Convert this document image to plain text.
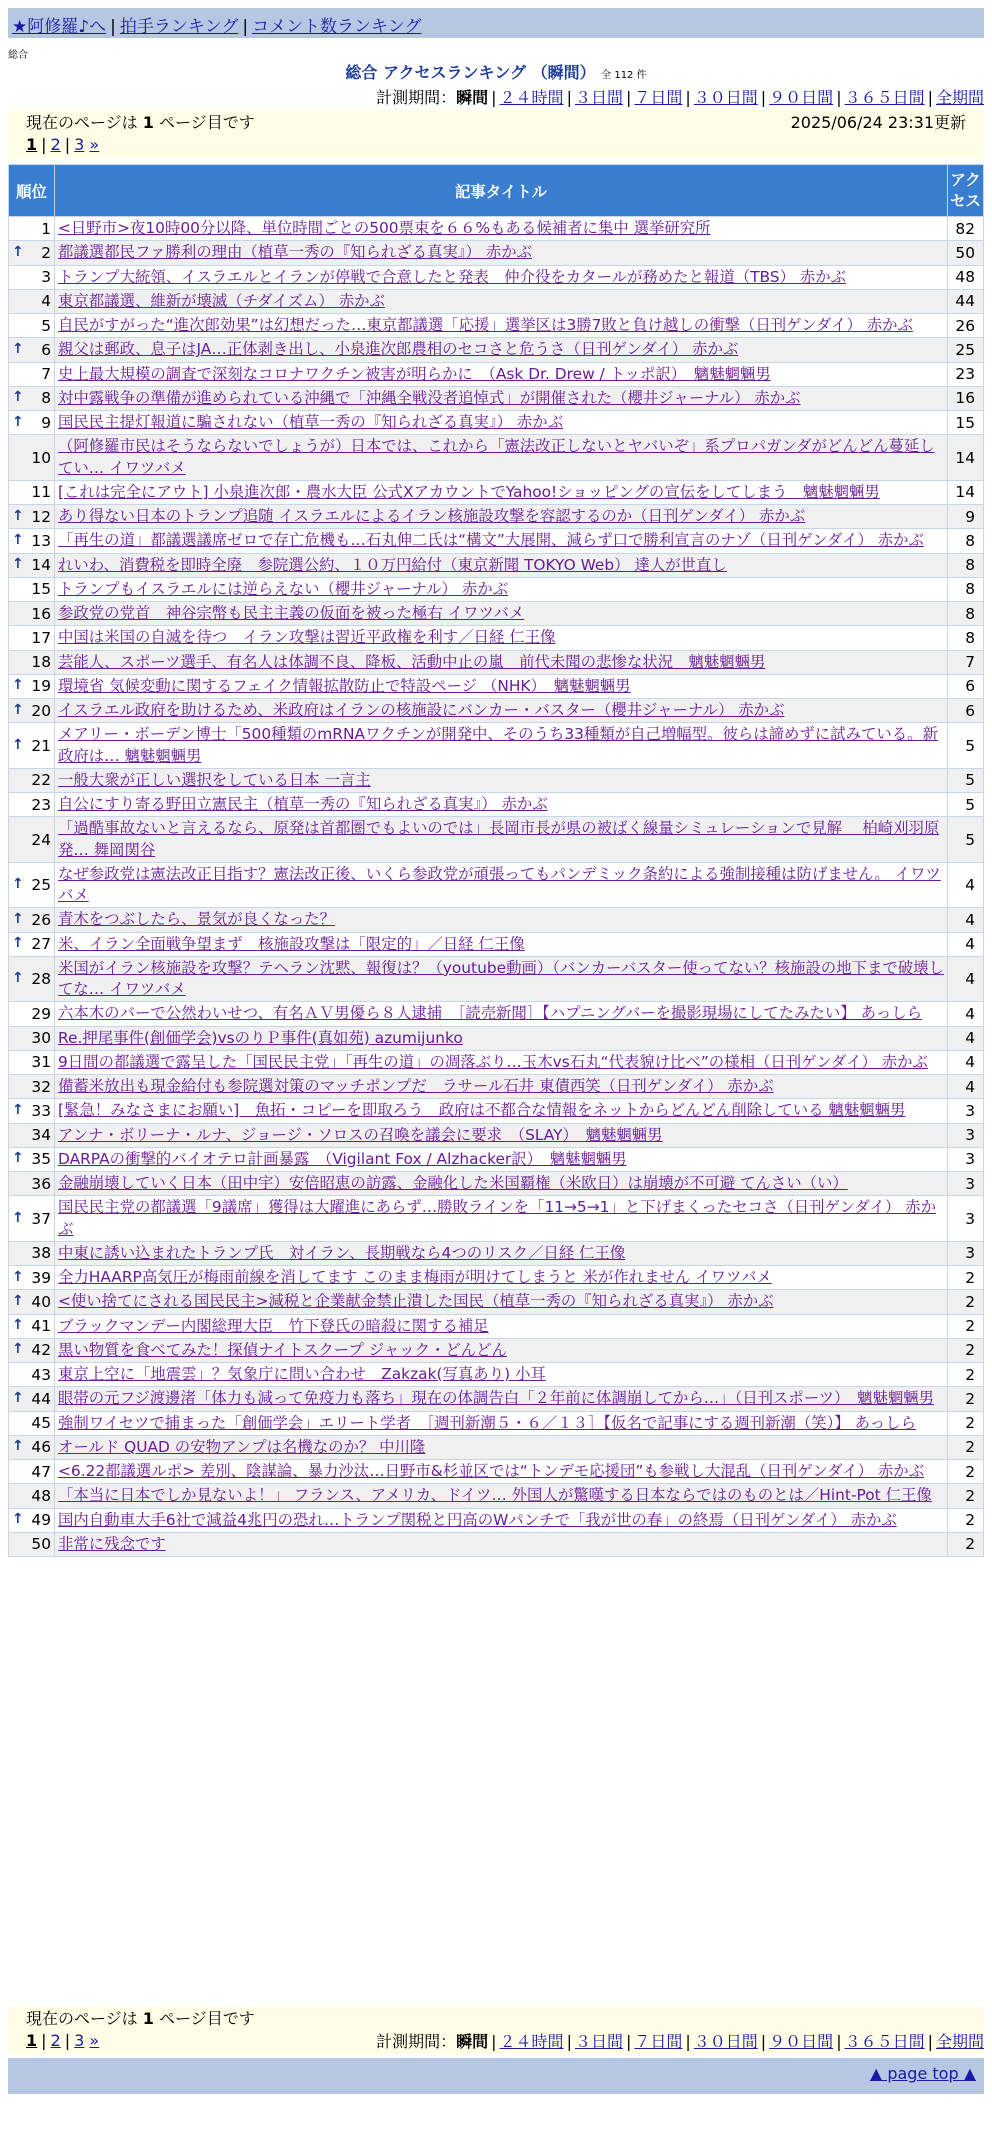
★阿修羅♪へ | 拍手ランキング | コメント数ランキング
総合
総合 アクセスランキング （瞬間） 全 112 件
計測期間：瞬間 | ２４時間 | ３日間 | ７日間 | ３０日間 | ９０日間 | ３６５日間 | 全期間
現在のページは 1 ページ目です	2025/06/24 23:31更新
1 | 2 | 3 »
順位	記事タイトル	アクセス
1	<日野市>夜10時00分以降、単位時間ごとの500票束を６６%もある候補者に集中 選挙研究所	82

↑ 2	都議選都民ファ勝利の理由（植草一秀の『知られざる真実』） 赤かぶ	50
3	トランプ大統領、イスラエルとイランが停戦で合意したと発表　仲介役をカタールが務めたと報道（TBS） 赤かぶ	48
4	東京都議選、維新が壊滅（チダイズム） 赤かぶ	44
5	自民がすがった“進次郎効果”は幻想だった…東京都議選「応援」選挙区は3勝7敗と負け越しの衝撃（日刊ゲンダイ） 赤かぶ	26

↑ 6	親父は郵政、息子はJA…正体剥き出し、小泉進次郎農相のセコさと危うさ（日刊ゲンダイ） 赤かぶ	25
7	史上最大規模の調査で深刻なコロナワクチン被害が明らかに　（Ask Dr. Drew / トッポ訳）　魑魅魍魎男	23

↑ 8	対中露戦争の準備が進められている沖縄で「沖縄全戦没者追悼式」が開催された（櫻井ジャーナル） 赤かぶ	16

↑ 9	国民民主提灯報道に騙されない（植草一秀の『知られざる真実』） 赤かぶ	15
10	（阿修羅市民はそうならないでしょうが）日本では、これから「憲法改正しないとヤバいぞ」系プロパガンダがどんどん蔓延してい… イワツバメ	14
11	[これは完全にアウト] 小泉進次郎・農水大臣 公式XアカウントでYahoo!ショッピングの宣伝をしてしまう　魑魅魍魎男	14

↑ 12	あり得ない日本のトランプ追随 イスラエルによるイラン核施設攻撃を容認するのか（日刊ゲンダイ） 赤かぶ	9

↑ 13	「再生の道」都議選議席ゼロで存亡危機も…石丸伸二氏は“構文”大展開、減らず口で勝利宣言のナゾ（日刊ゲンダイ） 赤かぶ	8

↑ 14	れいわ、消費税を即時全廃　参院選公約、１０万円給付（東京新聞 TOKYO Web） 達人が世直し	8
15	トランプもイスラエルには逆らえない（櫻井ジャーナル） 赤かぶ	8
16	参政党の党首　神谷宗幣も民主主義の仮面を被った極右 イワツバメ	8
17	中国は米国の自滅を待つ　イラン攻撃は習近平政権を利す／日経 仁王像	8
18	芸能人、スポーツ選手、有名人は体調不良、降板、活動中止の嵐　前代未聞の悲惨な状況　魑魅魍魎男	7

↑ 19	環境省 気候変動に関するフェイク情報拡散防止で特設ページ （NHK）　魑魅魍魎男	6

↑ 20	イスラエル政府を助けるため、米政府はイランの核施設にバンカー・バスター（櫻井ジャーナル） 赤かぶ	6

↑ 21	メアリー・ボーデン博士「500種類のmRNAワクチンが開発中、そのうち33種類が自己増幅型。彼らは諦めずに試みている。新政府は… 魑魅魍魎男	5
22	一般大衆が正しい選択をしている日本 一言主	5
23	自公にすり寄る野田立憲民主（植草一秀の『知られざる真実』） 赤かぶ	5
24	「過酷事故ないと言えるなら、原発は首都圏でもよいのでは」長岡市長が県の被ばく線量シミュレーションで見解　 柏崎刈羽原発… 舞岡関谷	5

↑ 25	なぜ参政党は憲法改正目指す？憲法改正後、いくら参政党が頑張ってもパンデミック条約による強制接種は防げません。 イワツバメ	4

↑ 26	青木をつぶしたら、景気が良くなった？	4

↑ 27	米、イラン全面戦争望まず　核施設攻撃は「限定的」／日経 仁王像	4

↑ 28	米国がイラン核施設を攻撃？テヘラン沈黙、報復は？（youtube動画）（バンカーバスター使ってない？核施設の地下まで破壊してな… イワツバメ	4
29	六本木のバーで公然わいせつ、有名ＡＶ男優ら８人逮捕　［読売新聞］【ハプニングバーを撮影現場にしてたみたい】 あっしら	4
30	Re.押尾事件(創価学会)vsのりＰ事件(真如苑) azumijunko	4
31	9日間の都議選で露呈した「国民民主党」「再生の道」の凋落ぶり…玉木vs石丸“代表貌け比べ”の様相（日刊ゲンダイ） 赤かぶ	4
32	備蓄米放出も現金給付も参院選対策のマッチポンプだ　ラサール石井 東債西笑（日刊ゲンダイ） 赤かぶ	4

↑ 33	[緊急！みなさまにお願い]　魚拓・コピーを即取ろう　政府は不都合な情報をネットからどんどん削除している 魑魅魍魎男	3
34	アンナ・ボリーナ・ルナ、ジョージ・ソロスの召喚を議会に要求　（SLAY）　魑魅魍魎男	3

↑ 35	DARPAの衝撃的バイオテロ計画暴露　（Vigilant Fox / Alzhacker訳）　魑魅魍魎男	3
36	金融崩壊していく日本（田中宇）安倍昭恵の訪露、金融化した米国覇権（米欧日）は崩壊が不可避 てんさい（い）	3

↑ 37	国民民主党の都議選「9議席」獲得は大躍進にあらず…勝敗ラインを「11→5→1」と下げまくったセコさ（日刊ゲンダイ） 赤かぶ	3
38	中東に誘い込まれたトランプ氏　対イラン、長期戦なら4つのリスク／日経 仁王像	3

↑ 39	全力HAARP高気圧が梅雨前線を消してます このまま梅雨が明けてしまうと 米が作れません イワツバメ	2

↑ 40	<使い捨てにされる国民民主>減税と企業献金禁止潰した国民（植草一秀の『知られざる真実』） 赤かぶ	2

↑ 41	ブラックマンデー内閣総理大臣　竹下登氏の暗殺に関する補足	2

↑ 42	黒い物質を食べてみた！探偵ナイトスクープ ジャック・どんどん	2
43	東京上空に「地震雲」？気象庁に問い合わせ　Zakzak(写真あり) 小耳	2

↑ 44	眼帯の元フジ渡邊渚「体力も減って免疫力も落ち」現在の体調告白「２年前に体調崩してから…」（日刊スポーツ）　魑魅魍魎男	2
45	強制ワイセツで捕まった「創価学会」エリート学者　［週刊新潮５・６／１３］【仮名で記事にする週刊新潮（笑）】 あっしら	2

↑ 46	オールド QUAD の安物アンプは名機なのか？ 中川隆	2
47	<6.22都議選ルポ> 差別、陰謀論、暴力沙汰…日野市&杉並区では“トンデモ応援団”も参戦し大混乱（日刊ゲンダイ） 赤かぶ	2
48	「本当に日本でしか見ないよ！」 フランス、アメリカ、ドイツ… 外国人が驚嘆する日本ならではのものとは／Hint-Pot 仁王像	2

↑ 49	国内自動車大手6社で減益4兆円の恐れ…トランプ関税と円高のWパンチで「我が世の春」の終焉（日刊ゲンダイ） 赤かぶ	2
50	非常に残念です	2
現在のページは 1 ページ目です
1 | 2 | 3 »	計測期間：瞬間 | ２４時間 | ３日間 | ７日間 | ３０日間 | ９０日間 | ３６５日間 | 全期間
▲ page top ▲
